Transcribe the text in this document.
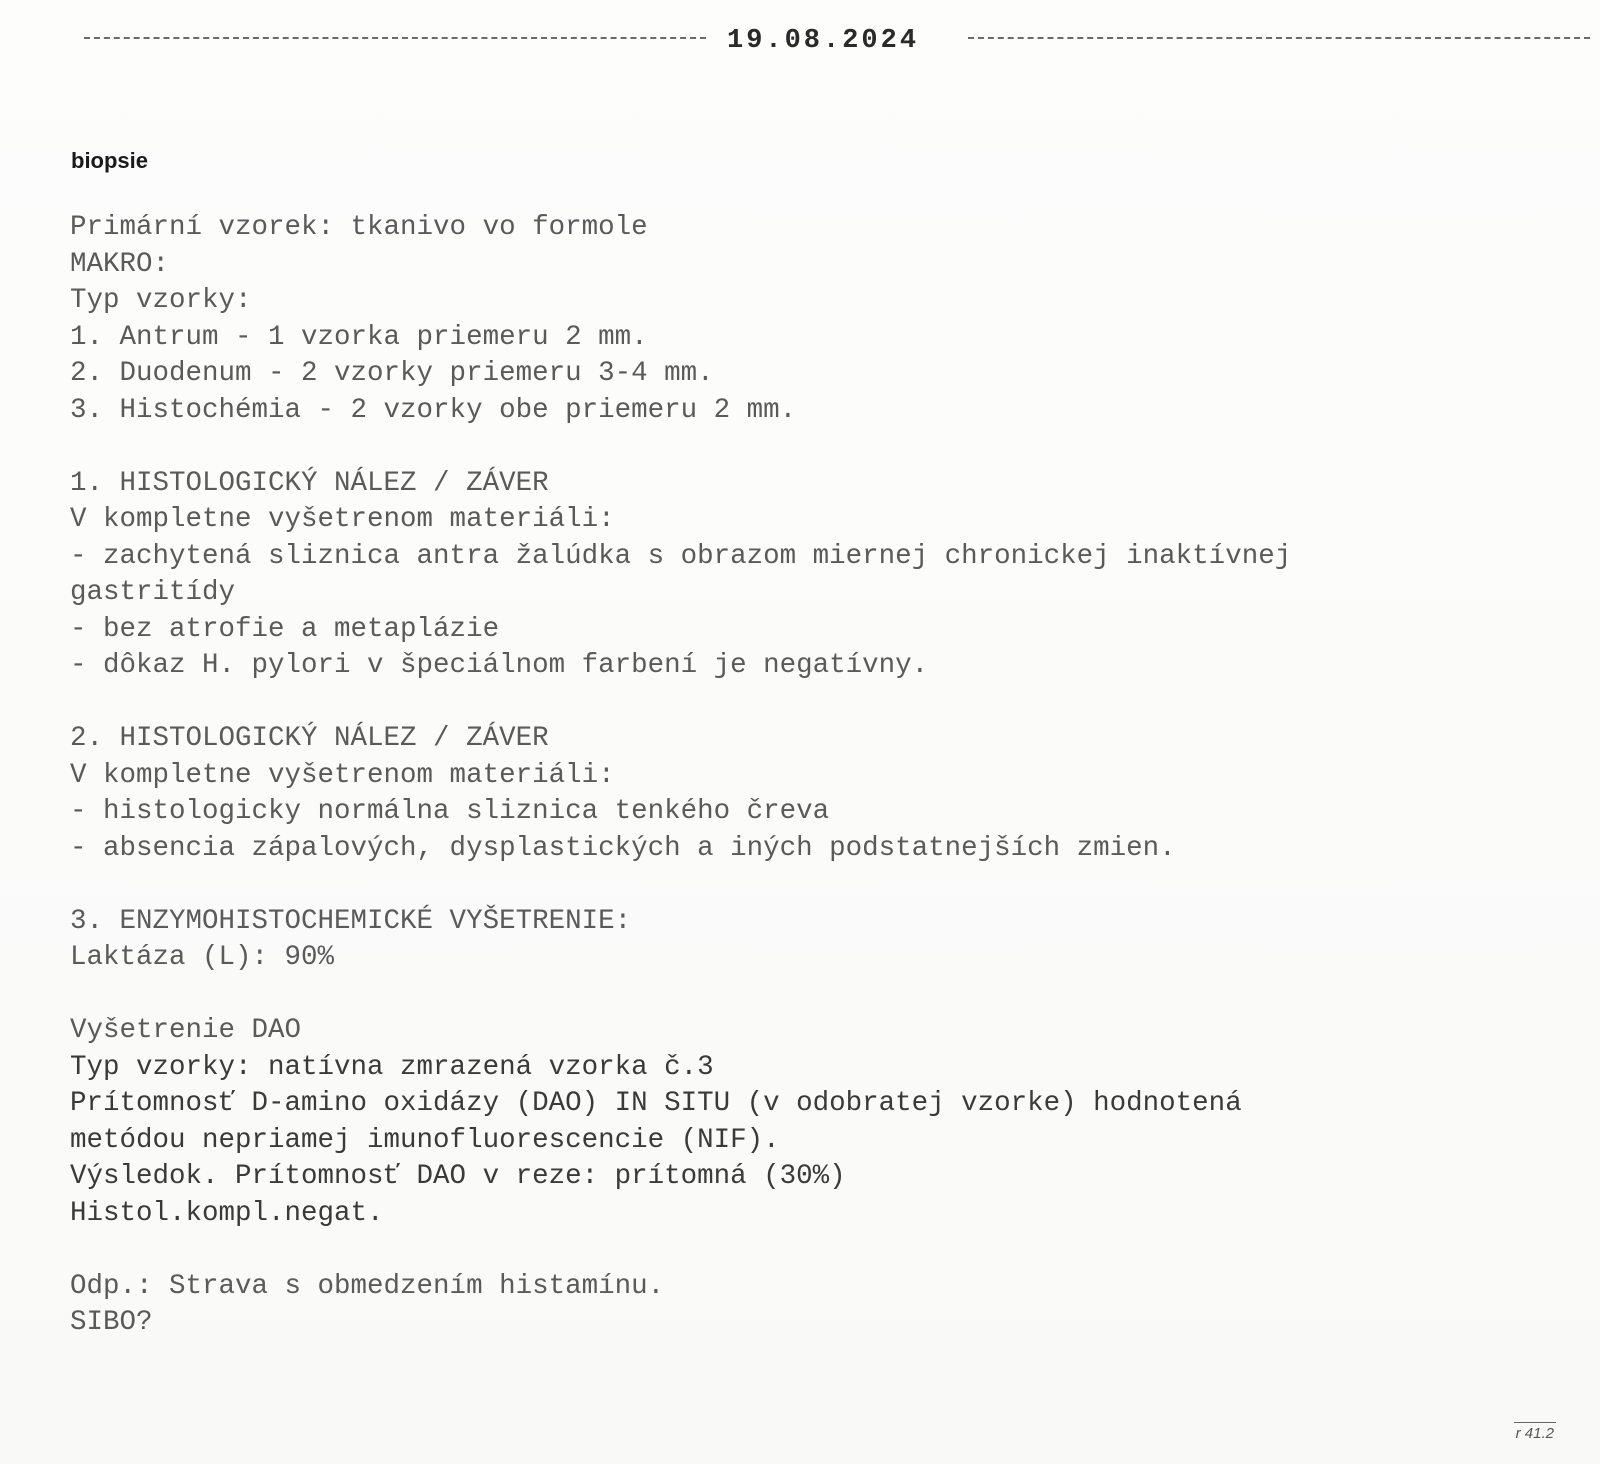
19.08.2024
biopsie
Primární vzorek: tkanivo vo formole
MAKRO:
Typ vzorky:
1. Antrum - 1 vzorka priemeru 2 mm.
2. Duodenum - 2 vzorky priemeru 3-4 mm.
3. Histochémia - 2 vzorky obe priemeru 2 mm.
1. HISTOLOGICKÝ NÁLEZ / ZÁVER
V kompletne vyšetrenom materiáli:
- zachytená sliznica antra žalúdka s obrazom miernej chronickej inaktívnej
gastritídy
- bez atrofie a metaplázie
- dôkaz H. pylori v špeciálnom farbení je negatívny.
2. HISTOLOGICKÝ NÁLEZ / ZÁVER
V kompletne vyšetrenom materiáli:
- histologicky normálna sliznica tenkého čreva
- absencia zápalových, dysplastických a iných podstatnejších zmien.
3. ENZYMOHISTOCHEMICKÉ VYŠETRENIE:
Laktáza (L): 90%
Vyšetrenie DAO
Typ vzorky: natívna zmrazená vzorka č.3
Prítomnosť D-amino oxidázy (DAO) IN SITU (v odobratej vzorke) hodnotená
metódou nepriamej imunofluorescencie (NIF).
Výsledok. Prítomnosť DAO v reze: prítomná (30%)
Histol.kompl.negat.
Odp.: Strava s obmedzením histamínu.
SIBO?
r 41.2
